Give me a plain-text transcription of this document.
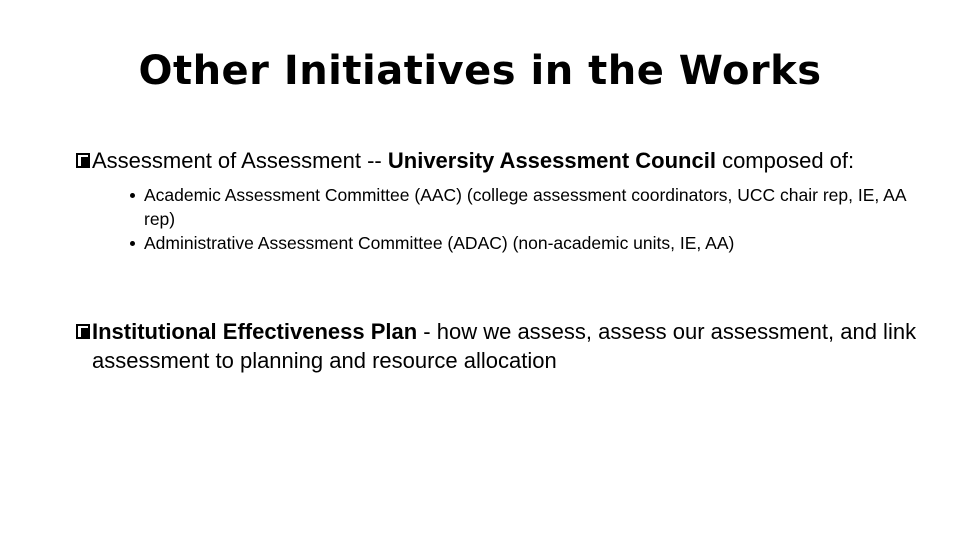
Other Initiatives in the Works
Assessment of Assessment -- University Assessment Council composed of:
Academic Assessment Committee (AAC) (college assessment coordinators, UCC chair rep, IE, AA rep)
Administrative Assessment Committee (ADAC) (non-academic units, IE, AA)
Institutional Effectiveness Plan - how we assess, assess our assessment, and link assessment to planning and resource allocation
